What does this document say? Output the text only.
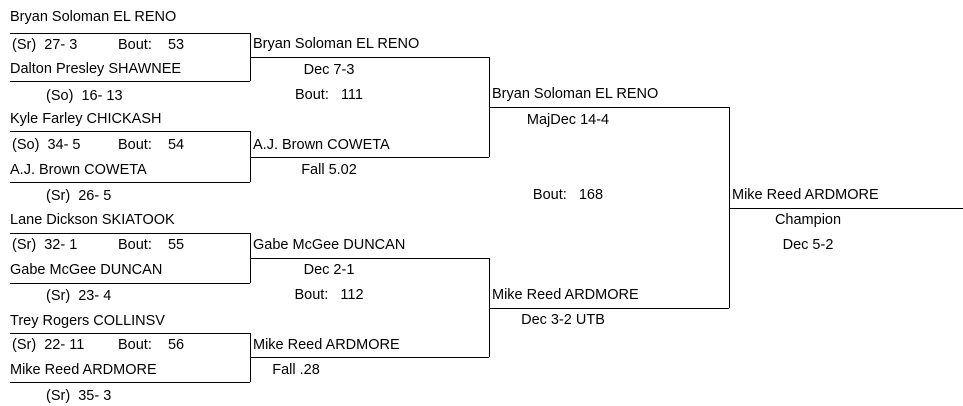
Bryan Soloman EL RENO
(Sr)  27- 3	Bout:    53
Dalton Presley SHAWNEE
(So)  16- 13
Kyle Farley CHICKASH
(So)  34- 5	Bout:    54
A.J. Brown COWETA
(Sr)  26- 5
Lane Dickson SKIATOOK
(Sr)  32- 1	Bout:    55
Gabe McGee DUNCAN
(Sr)  23- 4
Trey Rogers COLLINSV
(Sr)  22- 11 Bout:    56
Mike Reed ARDMORE
(Sr)  35- 3
Bryan Soloman EL RENO
Dec 7-3
Bout:   111
A.J. Brown COWETA
Fall 5.02
Gabe McGee DUNCAN
Dec 2-1
Bout:   112
Mike Reed ARDMORE
Fall .28
Bryan Soloman EL RENO
MajDec 14-4
Bout:   168
Mike Reed ARDMORE
Dec 3-2 UTB
Mike Reed ARDMORE
Champion
Dec 5-2
